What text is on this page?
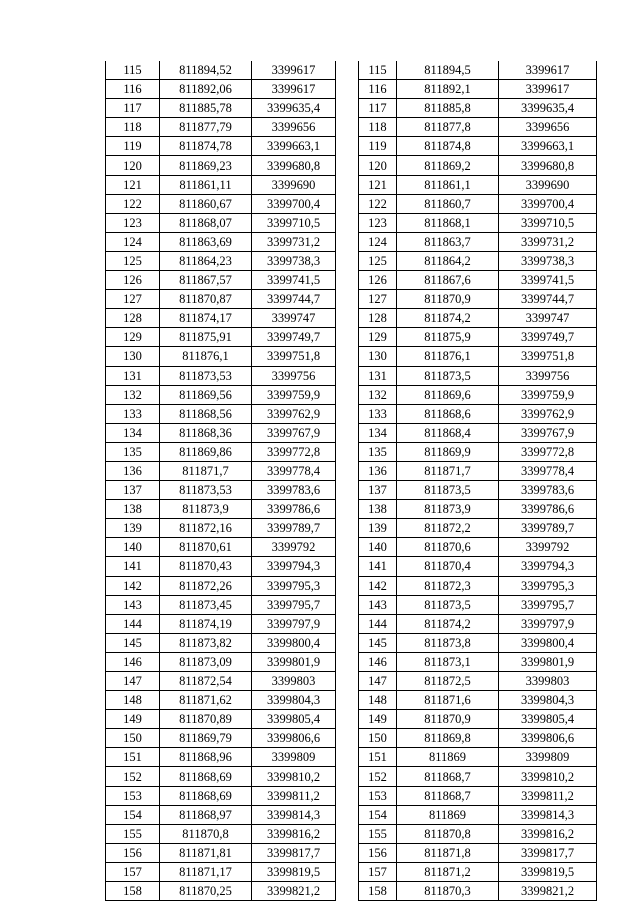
115	811894,52	3399617
116	811892,06	3399617
117	811885,78	3399635,4
118	811877,79	3399656
119	811874,78	3399663,1
120	811869,23	3399680,8
121	811861,11	3399690
122	811860,67	3399700,4
123	811868,07	3399710,5
124	811863,69	3399731,2
125	811864,23	3399738,3
126	811867,57	3399741,5
127	811870,87	3399744,7
128	811874,17	3399747
129	811875,91	3399749,7
130	811876,1	3399751,8
131	811873,53	3399756
132	811869,56	3399759,9
133	811868,56	3399762,9
134	811868,36	3399767,9
135	811869,86	3399772,8
136	811871,7	3399778,4
137	811873,53	3399783,6
138	811873,9	3399786,6
139	811872,16	3399789,7
140	811870,61	3399792
141	811870,43	3399794,3
142	811872,26	3399795,3
143	811873,45	3399795,7
144	811874,19	3399797,9
145	811873,82	3399800,4
146	811873,09	3399801,9
147	811872,54	3399803
148	811871,62	3399804,3
149	811870,89	3399805,4
150	811869,79	3399806,6
151	811868,96	3399809
152	811868,69	3399810,2
153	811868,69	3399811,2
154	811868,97	3399814,3
155	811870,8	3399816,2
156	811871,81	3399817,7
157	811871,17	3399819,5
158	811870,25	3399821,2
115	811894,5	3399617
116	811892,1	3399617
117	811885,8	3399635,4
118	811877,8	3399656
119	811874,8	3399663,1
120	811869,2	3399680,8
121	811861,1	3399690
122	811860,7	3399700,4
123	811868,1	3399710,5
124	811863,7	3399731,2
125	811864,2	3399738,3
126	811867,6	3399741,5
127	811870,9	3399744,7
128	811874,2	3399747
129	811875,9	3399749,7
130	811876,1	3399751,8
131	811873,5	3399756
132	811869,6	3399759,9
133	811868,6	3399762,9
134	811868,4	3399767,9
135	811869,9	3399772,8
136	811871,7	3399778,4
137	811873,5	3399783,6
138	811873,9	3399786,6
139	811872,2	3399789,7
140	811870,6	3399792
141	811870,4	3399794,3
142	811872,3	3399795,3
143	811873,5	3399795,7
144	811874,2	3399797,9
145	811873,8	3399800,4
146	811873,1	3399801,9
147	811872,5	3399803
148	811871,6	3399804,3
149	811870,9	3399805,4
150	811869,8	3399806,6
151	811869	3399809
152	811868,7	3399810,2
153	811868,7	3399811,2
154	811869	3399814,3
155	811870,8	3399816,2
156	811871,8	3399817,7
157	811871,2	3399819,5
158	811870,3	3399821,2
